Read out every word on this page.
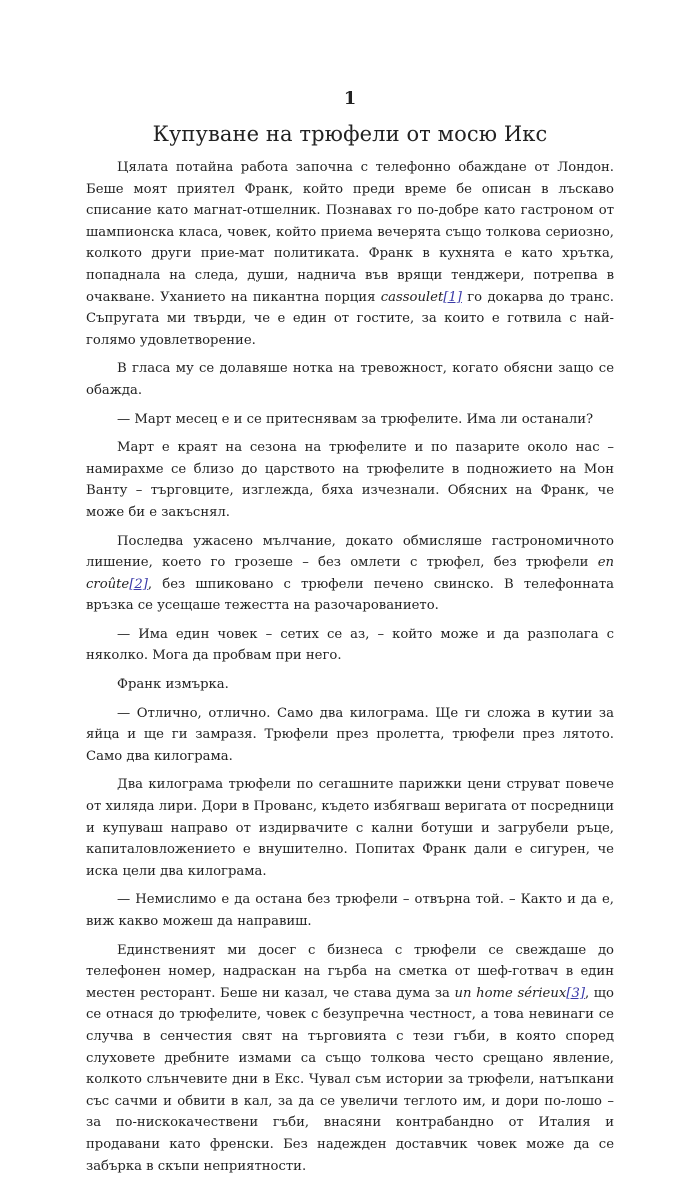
1
Купуване на трюфели от мосю Икс

Цялата потайна работа започна с телефонно обаждане от Лондон. Беше моят приятел Франк, който преди време бе описан в лъскаво списание като магнат-отшелник. Познавах го по-добре като гастроном от шампионска класа, човек, който приема вечерята също толкова сериозно, колкото други прие-мат политиката. Франк в кухнята е като хрътка, попаднала на следа, души, надничa във врящи тенджери, потрепва в очакване. Уханието на пикантна порция cassoulet[1] го докарва до транс. Съпругата ми твърди, че е един от гостите, за които е готвила с най-голямо удовлетворение.

В гласа му се долавяше нотка на тревожност, когато обясни защо се обажда.

— Март месец е и се притеснявам за трюфелите. Има ли останали?

Март е краят на сезона на трюфелите и по пазарите около нас – намирахме се близо до царството на трюфелите в подножието на Мон Ванту – търговците, изглежда, бяха изчезнали. Обясних на Франк, че може би е закъснял.

Последва ужасено мълчание, докато обмисляше гастрономичното лишение, което го грозеше – без омлети с трюфел, без трюфели en croûte[2], без шпиковано с трюфели печено свинско. В телефонната връзка се усещаше тежестта на разочарованието.

— Има един човек – сетих се аз, – който може и да разполага с няколко. Мога да пробвам при него.

Франк измърка.

— Отлично, отлично. Само два килограма. Ще ги сложа в кутии за яйца и ще ги замразя. Трюфели през пролетта, трюфели през лятото. Само два килограма.

Два килограма трюфели по сегашните парижки цени струват повече от хиляда лири. Дори в Прованс, където избягваш веригата от посредници и купуваш направо от издирвачите с кални ботуши и загрубели ръце, капиталовложението е внушително. Попитах Франк дали е сигурен, че иска цели два килограма.

— Немислимо е да остана без трюфели – отвърна той. – Както и да е, виж какво можеш да направиш.

Единственият ми досег с бизнеса с трюфели се свеждаше до телефонен номер, надраскан на гърба на сметка от шеф-готвач в един местен ресторант. Беше ни казал, че става дума за un home sérieux[3], що се отнася до трюфелите, човек с безупречна честност, а това невинаги се случва в сенчестия свят на търговията с тези гъби, в която според слуховете дребните измами са също толкова често срещано явление, колкото слънчевите дни в Екс. Чувал съм истории за трюфели, натъпкани със сачми и обвити в кал, за да се увеличи теглото им, и дори по-лошо – за по-нискокачествени гъби, внасяни контрабандно от Италия и продавани като френски. Без надежден доставчик човек може да се забърка в скъпи неприятности.
